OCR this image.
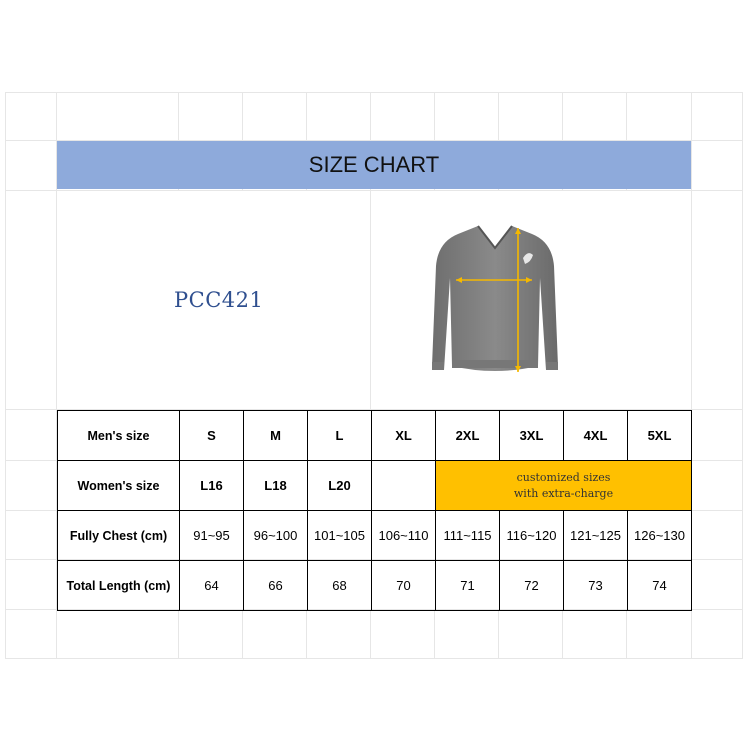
SIZE CHART
PCC421
Men's size	S	M	L	XL	2XL	3XL	4XL	5XL
Women's size	L16	L18	L20		customized sizes
with extra-charge			

Fully Chest (cm)	91~95	96~100	101~105	106~110	111~115	116~120	121~125	126~130
Total Length (cm)	64	66	68	70	71	72	73	74
